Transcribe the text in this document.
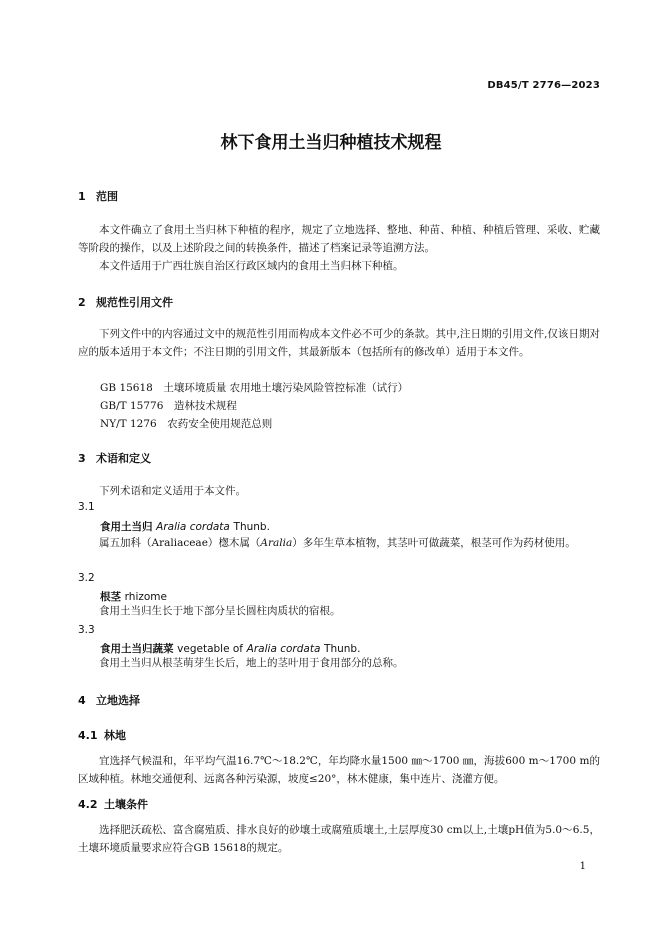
DB45/T 2776—2023
林下食用土当归种植技术规程
1 范围
本文件确立了食用土当归林下种植的程序，规定了立地选择、整地、种苗、种植、种植后管理、采收、贮藏等阶段的操作，以及上述阶段之间的转换条件，描述了档案记录等追溯方法。
本文件适用于广西壮族自治区行政区域内的食用土当归林下种植。
2 规范性引用文件
下列文件中的内容通过文中的规范性引用而构成本文件必不可少的条款。其中,注日期的引用文件,仅该日期对应的版本适用于本文件；不注日期的引用文件，其最新版本（包括所有的修改单）适用于本文件。
GB 15618　土壤环境质量 农用地土壤污染风险管控标准（试行）
GB/T 15776　造林技术规程
NY/T 1276　农药安全使用规范总则
3 术语和定义
下列术语和定义适用于本文件。
3.1
食用土当归 Aralia cordata Thunb.
属五加科（Araliaceae）楤木属（Aralia）多年生草本植物，其茎叶可做蔬菜，根茎可作为药材使用。
3.2
根茎 rhizome
食用土当归生长于地下部分呈长圆柱肉质状的宿根。
3.3
食用土当归蔬菜 vegetable of Aralia cordata Thunb.
食用土当归从根茎萌芽生长后，地上的茎叶用于食用部分的总称。
4 立地选择
4.1 林地
宜选择气候温和，年平均气温16.7℃～18.2℃，年均降水量1500 ㎜～1700 ㎜，海拔600 m～1700 m的区域种植。林地交通便利、远离各种污染源，坡度≤20°，林木健康，集中连片、浇灌方便。
4.2 土壤条件
选择肥沃疏松、富含腐殖质、排水良好的砂壤土或腐殖质壤土,土层厚度30 cm以上,土壤pH值为5.0～6.5，土壤环境质量要求应符合GB 15618的规定。
1
